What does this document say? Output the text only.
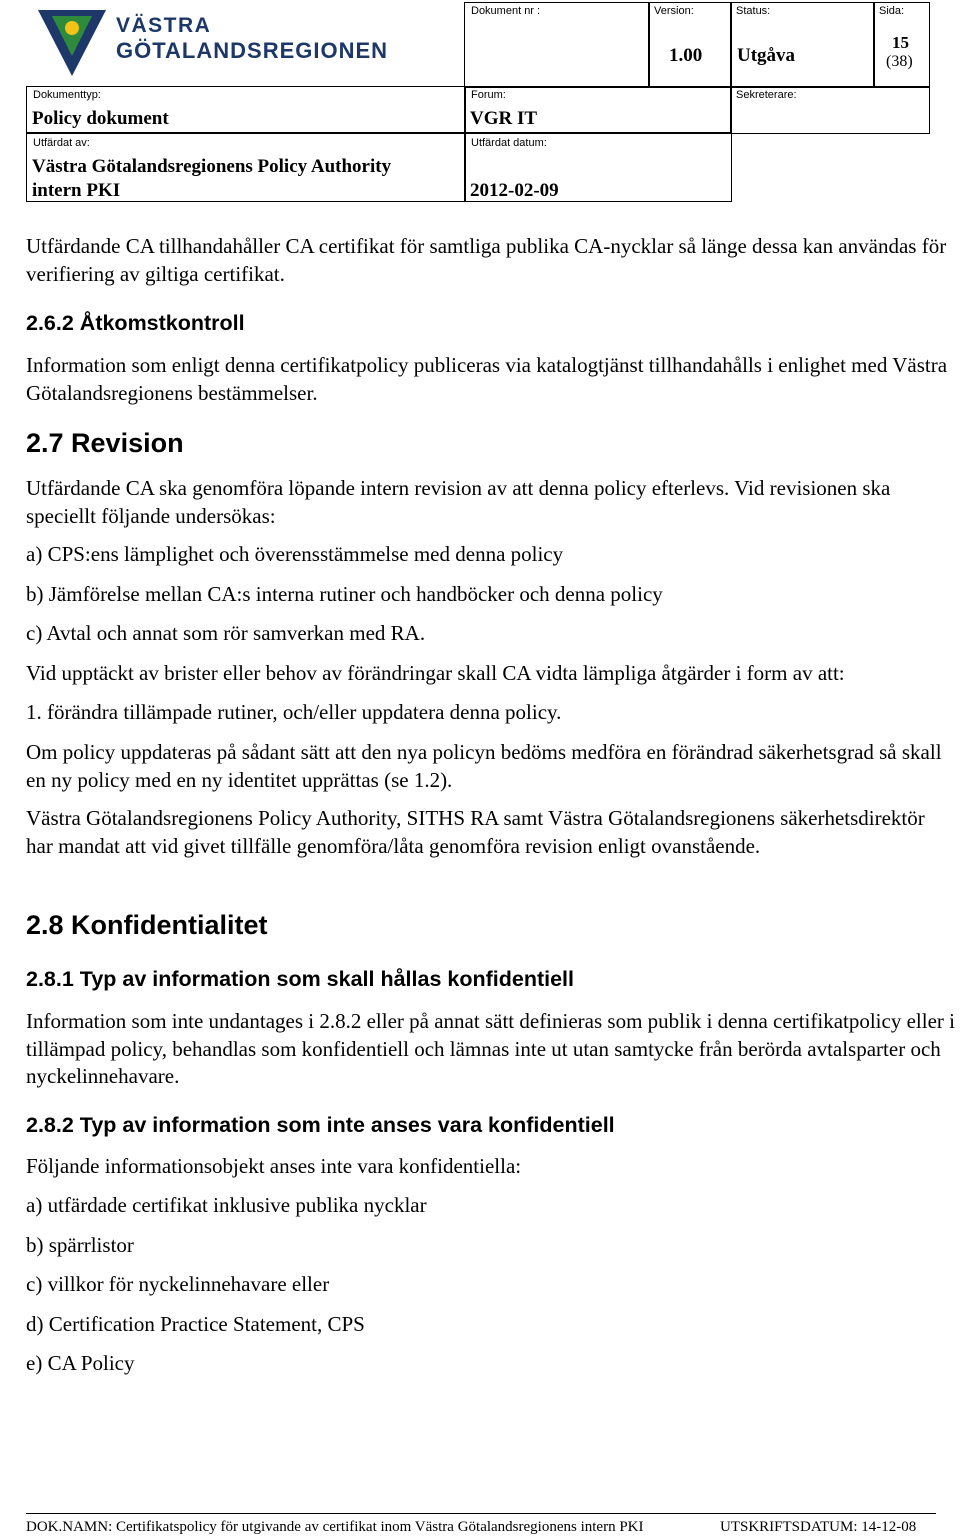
VÄSTRA
GÖTALANDSREGIONEN
Dokument nr :	Version:
1.00
Status:
Utgåva
Sida:
15
(38)
Dokumenttyp:
Policy dokument
Forum:
VGR IT
Sekreterare:
Utfärdat av:
Västra Götalandsregionens Policy Authority
intern PKI
Utfärdat datum:
2012-02-09
Utfärdande CA tillhandahåller CA certifikat för samtliga publika CA-nycklar så länge dessa kan användas för verifiering av giltiga certifikat.
2.6.2 Åtkomstkontroll
Information som enligt denna certifikatpolicy publiceras via katalogtjänst tillhandahålls i enlighet med Västra Götalandsregionens bestämmelser.
2.7 Revision
Utfärdande CA ska genomföra löpande intern revision av att denna policy efterlevs. Vid revisionen ska speciellt följande undersökas:
a) CPS:ens lämplighet och överensstämmelse med denna policy
b) Jämförelse mellan CA:s interna rutiner och handböcker och denna policy
c) Avtal och annat som rör samverkan med RA.
Vid upptäckt av brister eller behov av förändringar skall CA vidta lämpliga åtgärder i form av att:
1. förändra tillämpade rutiner, och/eller uppdatera denna policy.
Om policy uppdateras på sådant sätt att den nya policyn bedöms medföra en förändrad säkerhetsgrad så skall en ny policy med en ny identitet upprättas (se 1.2).
Västra Götalandsregionens Policy Authority, SITHS RA samt Västra Götalandsregionens säkerhetsdirektör har mandat att vid givet tillfälle genomföra/låta genomföra revision enligt ovanstående.
2.8 Konfidentialitet
2.8.1 Typ av information som skall hållas konfidentiell
Information som inte undantages i 2.8.2 eller på annat sätt definieras som publik i denna certifikatpolicy eller i tillämpad policy, behandlas som konfidentiell och lämnas inte ut utan samtycke från berörda avtalsparter och nyckelinnehavare.
2.8.2 Typ av information som inte anses vara konfidentiell
Följande informationsobjekt anses inte vara konfidentiella:
a) utfärdade certifikat inklusive publika nycklar
b) spärrlistor
c) villkor för nyckelinnehavare eller
d) Certification Practice Statement, CPS
e) CA Policy
DOK.NAMN: Certifikatspolicy för utgivande av certifikat inom Västra Götalandsregionens intern PKI	UTSKRIFTSDATUM: 14-12-08
